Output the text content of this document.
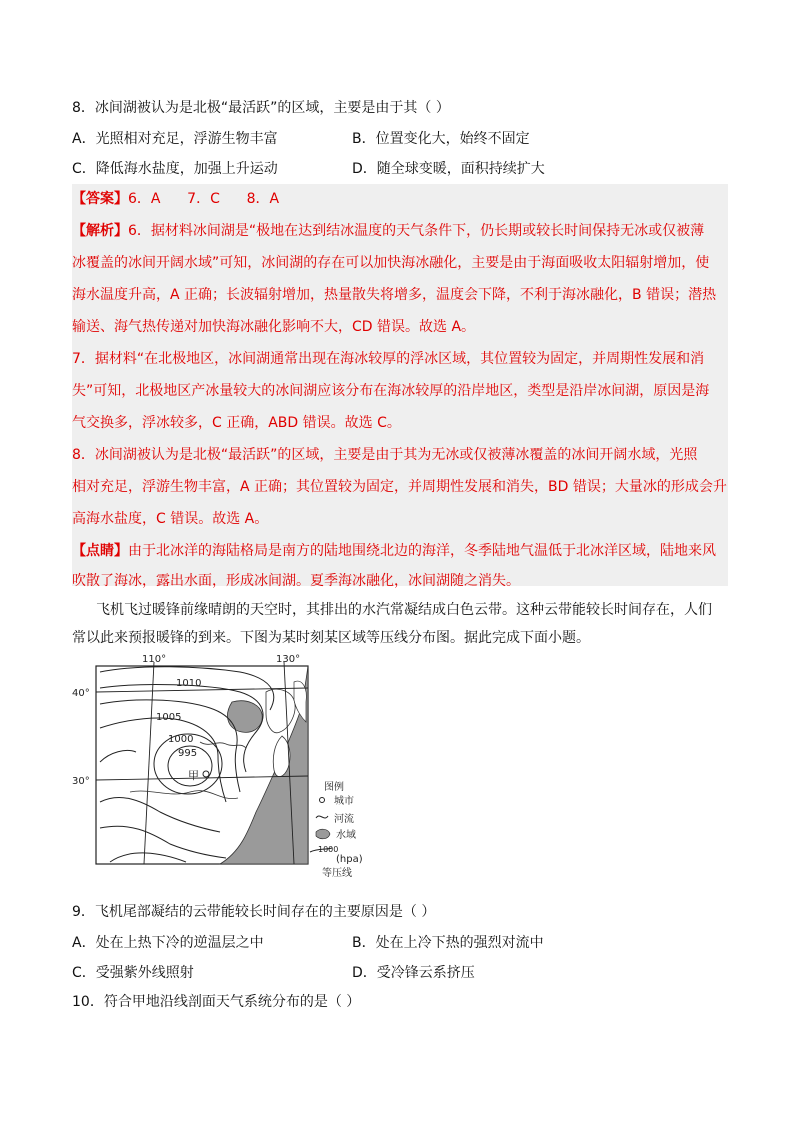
8．冰间湖被认为是北极“最活跃”的区域，主要是由于其（ ）
A．光照相对充足，浮游生物丰富	B．位置变化大，始终不固定
C．降低海水盐度，加强上升运动	D．随全球变暖，面积持续扩大
【答案】6．A      7．C      8．A
【解析】6．据材料冰间湖是“极地在达到结冰温度的天气条件下，仍长期或较长时间保持无冰或仅被薄
冰覆盖的冰间开阔水域”可知，冰间湖的存在可以加快海冰融化，主要是由于海面吸收太阳辐射增加，使
海水温度升高，A 正确；长波辐射增加，热量散失将增多，温度会下降，不利于海冰融化，B 错误；潜热
输送、海气热传递对加快海冰融化影响不大，CD 错误。故选 A。
7．据材料“在北极地区，冰间湖通常出现在海冰较厚的浮冰区域，其位置较为固定，并周期性发展和消
失”可知，北极地区产冰量较大的冰间湖应该分布在海冰较厚的沿岸地区，类型是沿岸冰间湖，原因是海
气交换多，浮冰较多，C 正确，ABD 错误。故选 C。
8．冰间湖被认为是北极“最活跃”的区域，主要是由于其为无冰或仅被薄冰覆盖的冰间开阔水域，光照
相对充足，浮游生物丰富，A 正确；其位置较为固定，并周期性发展和消失，BD 错误；大量冰的形成会升
高海水盐度，C 错误。故选 A。
【点睛】由于北冰洋的海陆格局是南方的陆地围绕北边的海洋，冬季陆地气温低于北冰洋区域，陆地来风
吹散了海冰，露出水面，形成冰间湖。夏季海冰融化，冰间湖随之消失。
飞机飞过暖锋前缘晴朗的天空时，其排出的水汽常凝结成白色云带。这种云带能较长时间存在，人们
常以此来预报暖锋的到来。下图为某时刻某区域等压线分布图。据此完成下面小题。
甲
110°	130°
40°
30°
1010
1005
1000
995
图例
城市
河流
水域
1000
(hpa)
等压线
9．飞机尾部凝结的云带能较长时间存在的主要原因是（ ）
A．处在上热下冷的逆温层之中	B．处在上冷下热的强烈对流中
C．受强紫外线照射	D．受冷锋云系挤压
10．符合甲地沿线剖面天气系统分布的是（ ）
